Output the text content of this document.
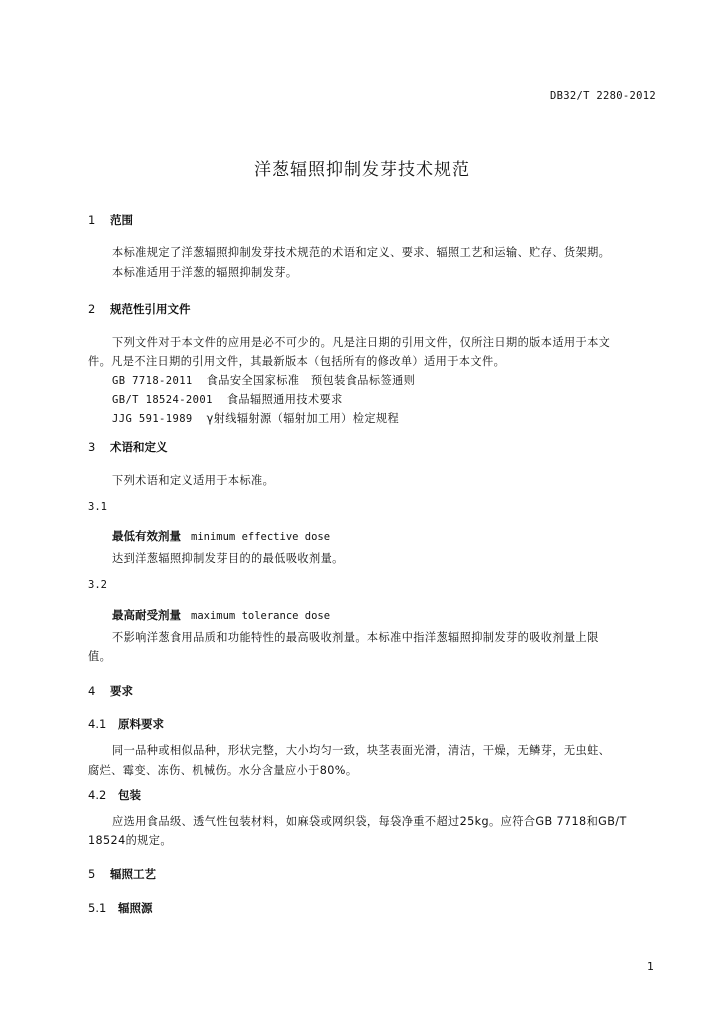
DB32/T 2280-2012
洋葱辐照抑制发芽技术规范
1 范围
本标准规定了洋葱辐照抑制发芽技术规范的术语和定义、要求、辐照工艺和运输、贮存、货架期。
本标准适用于洋葱的辐照抑制发芽。
2 规范性引用文件
下列文件对于本文件的应用是必不可少的。凡是注日期的引用文件，仅所注日期的版本适用于本文
件。凡是不注日期的引用文件，其最新版本（包括所有的修改单）适用于本文件。
GB 7718-2011 食品安全国家标准　预包装食品标签通则
GB/T 18524-2001 食品辐照通用技术要求
JJG 591-1989 γ射线辐射源（辐射加工用）检定规程
3 术语和定义
下列术语和定义适用于本标准。
3.1
最低有效剂量 minimum effective dose
达到洋葱辐照抑制发芽目的的最低吸收剂量。
3.2
最高耐受剂量 maximum tolerance dose
不影响洋葱食用品质和功能特性的最高吸收剂量。本标准中指洋葱辐照抑制发芽的吸收剂量上限
值。
4 要求
4.1 原料要求
同一品种或相似品种，形状完整，大小均匀一致，块茎表面光滑，清洁，干燥，无鳞芽，无虫蛀、
腐烂、霉变、冻伤、机械伤。水分含量应小于80%。
4.2 包装
应选用食品级、透气性包装材料，如麻袋或网织袋，每袋净重不超过25kg。应符合GB 7718和GB/T
18524的规定。
5 辐照工艺
5.1 辐照源
1
